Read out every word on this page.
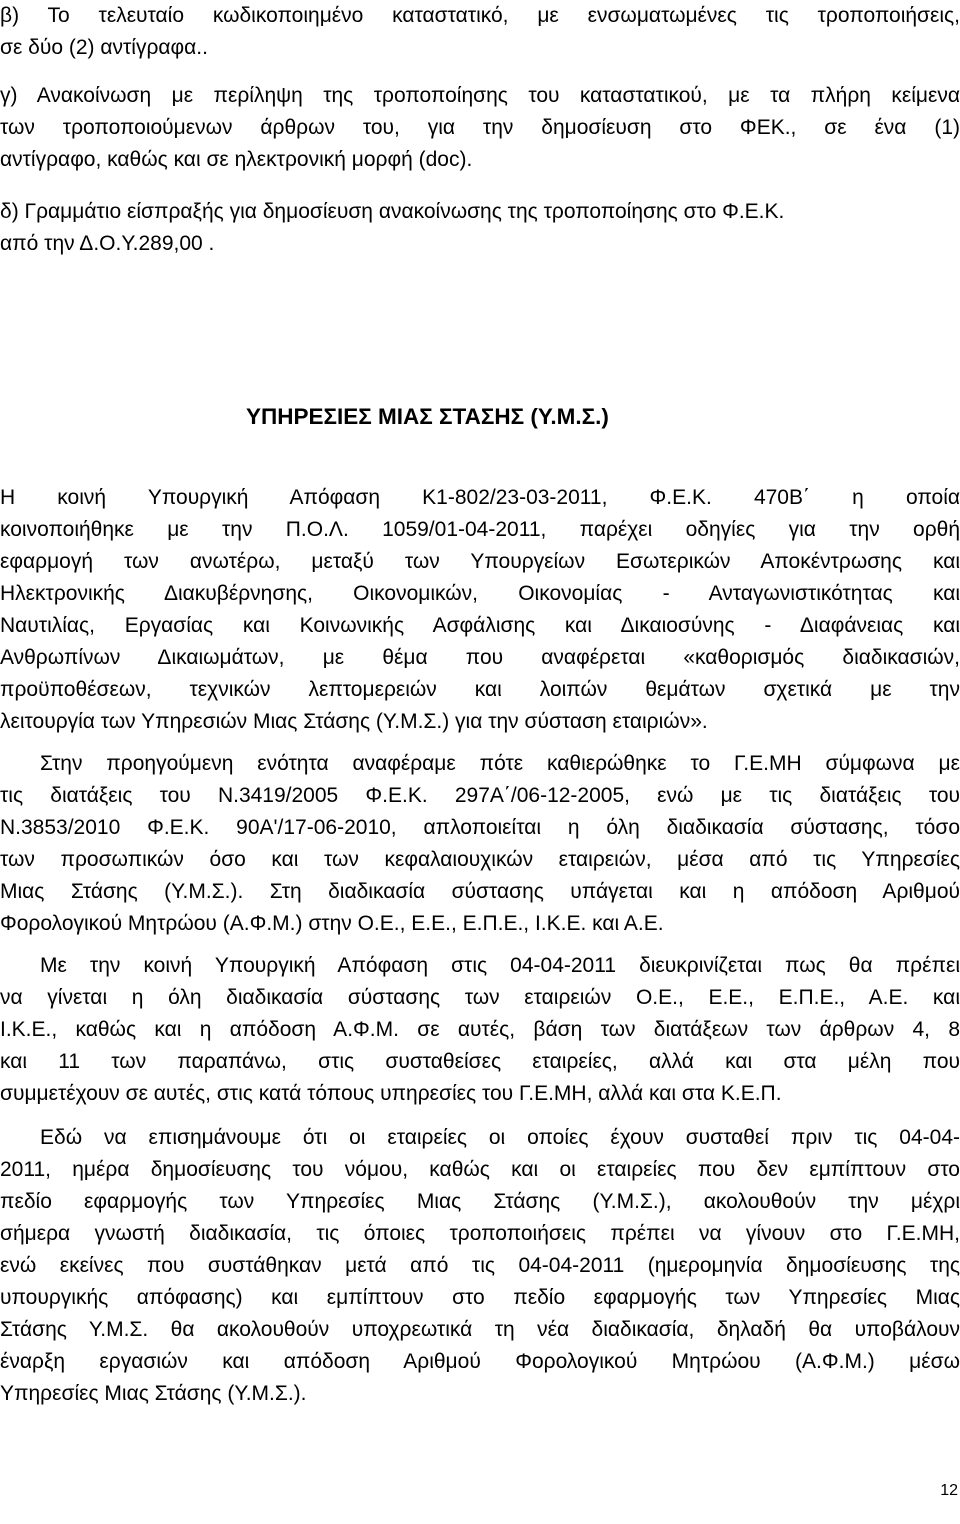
β) Το τελευταίο κωδικοποιημένο καταστατικό, με ενσωματωμένες τις τροποποιήσεις,
σε δύο (2) αντίγραφα..
γ) Ανακοίνωση με περίληψη της τροποποίησης του καταστατικού, με τα πλήρη κείμενα
των τροποποιούμενων άρθρων του, για την δημοσίευση στο ΦΕΚ., σε ένα (1)
αντίγραφο, καθώς και σε ηλεκτρονική μορφή (doc).
δ) Γραμμάτιο είσπραξής για δημοσίευση ανακοίνωσης της τροποποίησης στο Φ.Ε.Κ.
από την Δ.Ο.Υ.289,00 .
ΥΠΗΡΕΣΙΕΣ ΜΙΑΣ ΣΤΑΣΗΣ (Υ.Μ.Σ.)
Η κοινή Υπουργική Απόφαση Κ1-802/23-03-2011, Φ.Ε.Κ. 470Β΄ η οποία
κοινοποιήθηκε με την Π.Ο.Λ. 1059/01-04-2011, παρέχει οδηγίες για την ορθή
εφαρμογή των ανωτέρω, μεταξύ των Υπουργείων Εσωτερικών Αποκέντρωσης και
Ηλεκτρονικής Διακυβέρνησης, Οικονομικών, Οικονομίας - Ανταγωνιστικότητας και
Ναυτιλίας, Εργασίας και Κοινωνικής Ασφάλισης και Δικαιοσύνης - Διαφάνειας και
Ανθρωπίνων Δικαιωμάτων, με θέμα που αναφέρεται «καθορισμός διαδικασιών,
προϋποθέσεων, τεχνικών λεπτομερειών και λοιπών θεμάτων σχετικά με την
λειτουργία των Υπηρεσιών Μιας Στάσης (Υ.Μ.Σ.) για την σύσταση εταιριών».
Στην προηγούμενη ενότητα αναφέραμε πότε καθιερώθηκε το Γ.Ε.ΜΗ σύμφωνα με
τις διατάξεις του Ν.3419/2005 Φ.Ε.Κ. 297Α΄/06-12-2005, ενώ με τις διατάξεις του
Ν.3853/2010 Φ.Ε.Κ. 90Α'/17-06-2010, απλοποιείται η όλη διαδικασία σύστασης, τόσο
των προσωπικών όσο και των κεφαλαιουχικών εταιρειών, μέσα από τις Υπηρεσίες
Μιας Στάσης (Υ.Μ.Σ.). Στη διαδικασία σύστασης υπάγεται και η απόδοση Αριθμού
Φορολογικού Μητρώου (Α.Φ.Μ.) στην Ο.Ε., Ε.Ε., Ε.Π.Ε., Ι.Κ.Ε. και Α.Ε.
Με την κοινή Υπουργική Απόφαση στις 04-04-2011 διευκρινίζεται πως θα πρέπει
να γίνεται η όλη διαδικασία σύστασης των εταιρειών Ο.Ε., Ε.Ε., Ε.Π.Ε., Α.Ε. και
Ι.Κ.Ε., καθώς και η απόδοση Α.Φ.Μ. σε αυτές, βάση των διατάξεων των άρθρων 4, 8
και 11 των παραπάνω, στις συσταθείσες εταιρείες, αλλά και στα μέλη που
συμμετέχουν σε αυτές, στις κατά τόπους υπηρεσίες του Γ.Ε.ΜΗ, αλλά και στα Κ.Ε.Π.
Εδώ να επισημάνουμε ότι οι εταιρείες οι οποίες έχουν συσταθεί πριν τις 04-04-
2011, ημέρα δημοσίευσης του νόμου, καθώς και οι εταιρείες που δεν εμπίπτουν στο
πεδίο εφαρμογής των Υπηρεσίες Μιας Στάσης (Υ.Μ.Σ.), ακολουθούν την μέχρι
σήμερα γνωστή διαδικασία, τις όποιες τροποποιήσεις πρέπει να γίνουν στο Γ.Ε.ΜΗ,
ενώ εκείνες που συστάθηκαν μετά από τις 04-04-2011 (ημερομηνία δημοσίευσης της
υπουργικής απόφασης) και εμπίπτουν στο πεδίο εφαρμογής των Υπηρεσίες Μιας
Στάσης Υ.Μ.Σ. θα ακολουθούν υποχρεωτικά τη νέα διαδικασία, δηλαδή θα υποβάλουν
έναρξη εργασιών και απόδοση Αριθμού Φορολογικού Μητρώου (Α.Φ.Μ.) μέσω
Υπηρεσίες Μιας Στάσης (Υ.Μ.Σ.).
12
